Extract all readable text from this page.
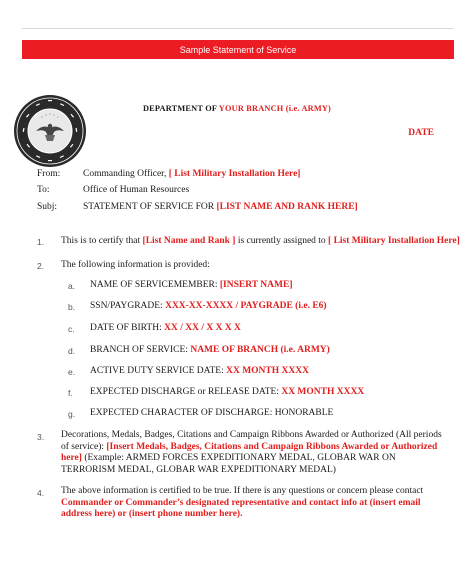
Sample Statement of Service
DEPARTMENT OF YOUR BRANCH (i.e. ARMY)
DATE
From: Commanding Officer, [ List Military Installation Here]
To:	Office of Human Resources
Subj:	STATEMENT OF SERVICE FOR [LIST NAME AND RANK HERE]
1. This is to certify that [List Name and Rank ] is currently assigned to [ List Military Installation Here]
2. The following information is provided:
a. NAME OF SERVICEMEMBER: [INSERT NAME]
b. SSN/PAYGRADE: XXX-XX-XXXX / PAYGRADE (i.e. E6)
c. DATE OF BIRTH: XX / XX / X X X X
d. BRANCH OF SERVICE: NAME OF BRANCH (i.e. ARMY)
e. ACTIVE DUTY SERVICE DATE: XX MONTH XXXX
f. EXPECTED DISCHARGE or RELEASE DATE: XX MONTH XXXX
g. EXPECTED CHARACTER OF DISCHARGE: HONORABLE
3. Decorations, Medals, Badges, Citations and Campaign Ribbons Awarded or Authorized (All periods of service): [Insert Medals, Badges, Citations and Campaign Ribbons Awarded or Authorized here] (Example: ARMED FORCES EXPEDITIONARY MEDAL, GLOBAR WAR ON TERRORISM MEDAL, GLOBAR WAR EXPEDITIONARY MEDAL)
4. The above information is certified to be true. If there is any questions or concern please contact Commander or Commander’s designated representative and contact info at (insert email address here) or (insert phone number here).
